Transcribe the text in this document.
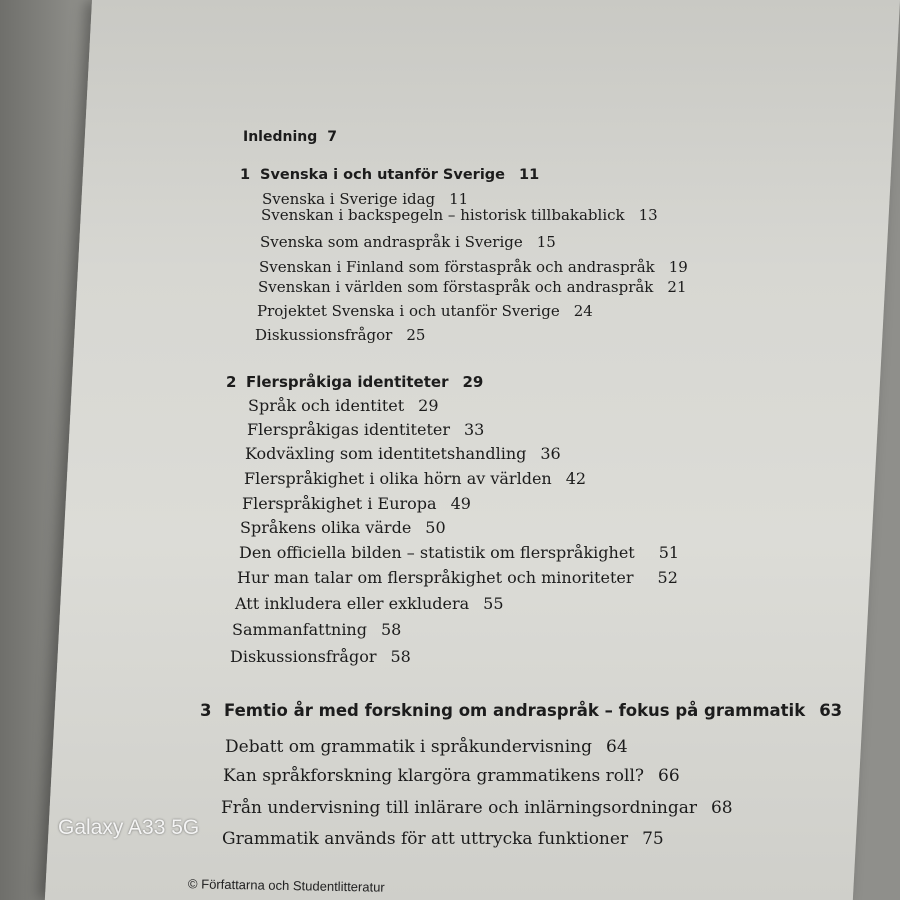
Inledning 7
1 Svenska i och utanför Sverige 11
Svenska i Sverige idag 11
Svenskan i backspegeln – historisk tillbakablick 13
Svenska som andraspråk i Sverige 15
Svenskan i Finland som förstaspråk och andraspråk 19
Svenskan i världen som förstaspråk och andraspråk 21
Projektet Svenska i och utanför Sverige 24
Diskussionsfrågor 25
2 Flerspråkiga identiteter 29
Språk och identitet 29
Flerspråkigas identiteter 33
Kodväxling som identitetshandling 36
Flerspråkighet i olika hörn av världen 42
Flerspråkighet i Europa 49
Språkens olika värde 50
Den officiella bilden – statistik om flerspråkighet 51
Hur man talar om flerspråkighet och minoriteter 52
Att inkludera eller exkludera 55
Sammanfattning 58
Diskussionsfrågor 58
3 Femtio år med forskning om andraspråk – fokus på grammatik 63
Debatt om grammatik i språkundervisning 64
Kan språkforskning klargöra grammatikens roll? 66
Från undervisning till inlärare och inlärningsordningar 68
Grammatik används för att uttrycka funktioner 75
Galaxy A33 5G
© Författarna och Studentlitteratur
